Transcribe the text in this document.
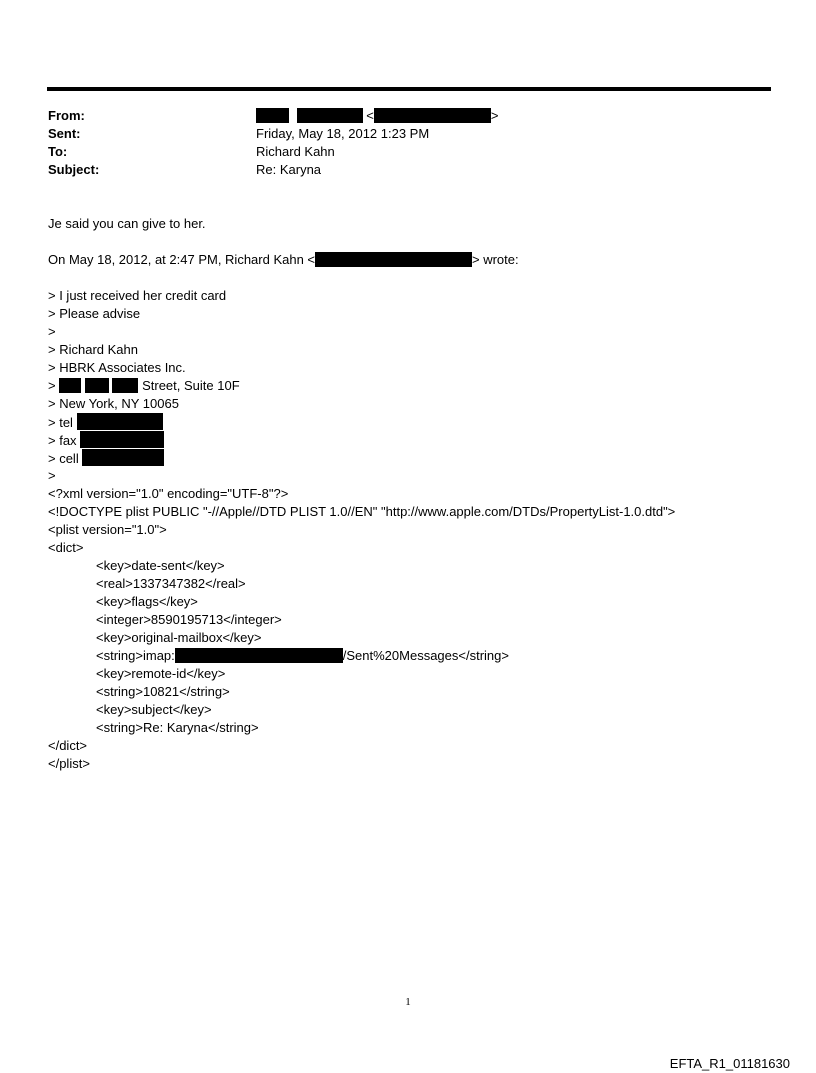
From:	<	>
Sent:	Friday, May 18, 2012 1:23 PM
To:	Richard Kahn
Subject:	Re: Karyna
Je said you can give to her.
On May 18, 2012, at 2:47 PM, Richard Kahn <	> wrote:
> I just received her credit card
> Please advise
>
> Richard Kahn
> HBRK Associates Inc.
>	Street, Suite 10F
> New York, NY 10065
> tel
> fax
> cell
>
<?xml version="1.0" encoding="UTF-8"?>
<!DOCTYPE plist PUBLIC "-//Apple//DTD PLIST 1.0//EN" "http://www.apple.com/DTDs/PropertyList-1.0.dtd">
<plist version="1.0">
<dict>
<key>date-sent</key>
<real>1337347382</real>
<key>flags</key>
<integer>8590195713</integer>
<key>original-mailbox</key>
<string>imap:	/Sent%20Messages</string>
<key>remote-id</key>
<string>10821</string>
<key>subject</key>
<string>Re: Karyna</string>
</dict>
</plist>
1
EFTA_R1_01181630
